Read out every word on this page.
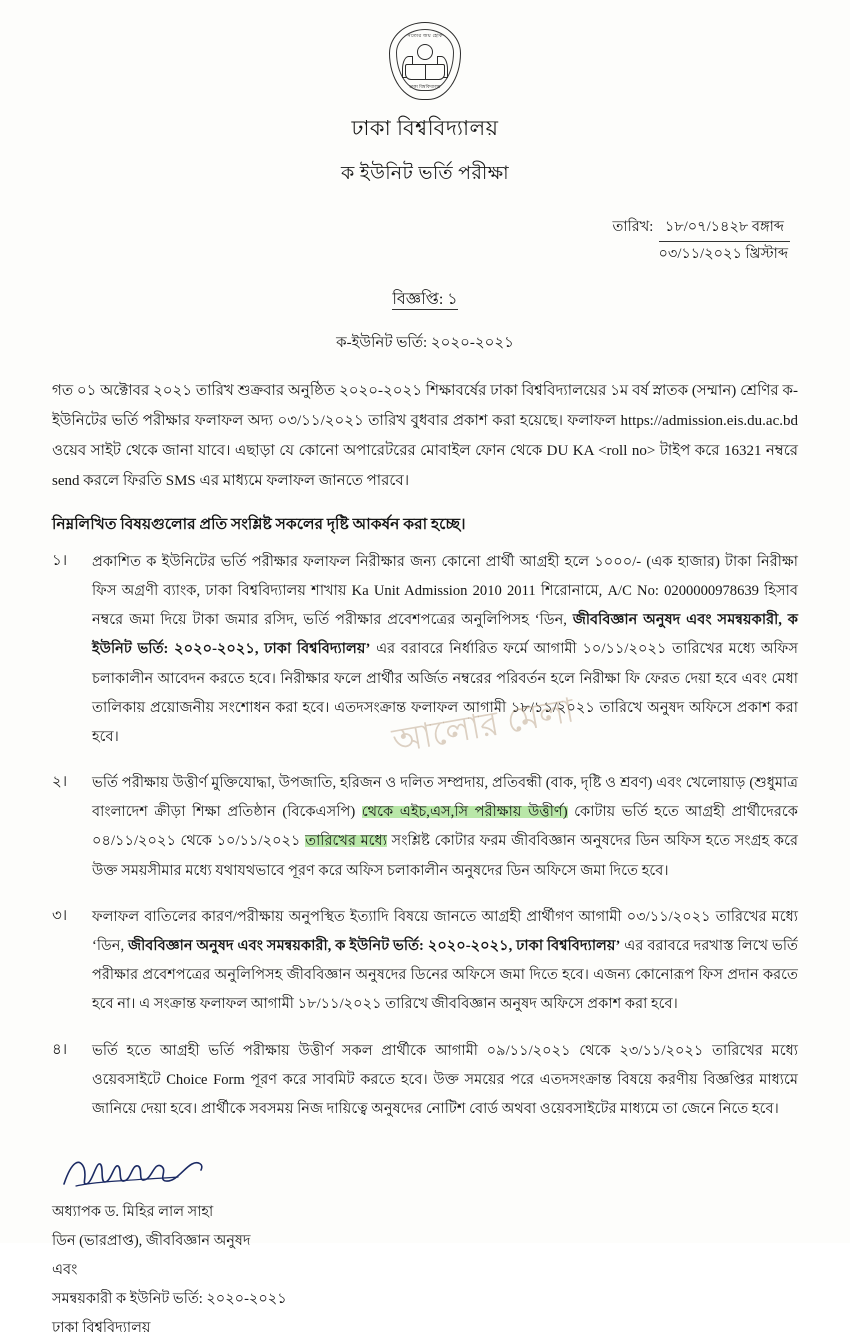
সত্যের জয় হোক
ঢাকা বিশ্ববিদ্যালয়
ঢাকা বিশ্ববিদ্যালয়
ক ইউনিট ভর্তি পরীক্ষা
তারিখ: ১৮/০৭/১৪২৮ বঙ্গাব্দ
০৩/১১/২০২১ খ্রিস্টাব্দ
বিজ্ঞপ্তি: ১
ক-ইউনিট ভর্তি: ২০২০-২০২১
গত ০১ অক্টোবর ২০২১ তারিখ শুক্রবার অনুষ্ঠিত ২০২০-২০২১ শিক্ষাবর্ষের ঢাকা বিশ্ববিদ্যালয়ের ১ম বর্ষ স্নাতক (সম্মান) শ্রেণির ক-ইউনিটের ভর্তি পরীক্ষার ফলাফল অদ্য ০৩/১১/২০২১ তারিখ বুধবার প্রকাশ করা হয়েছে। ফলাফল https://admission.eis.du.ac.bd ওয়েব সাইট থেকে জানা যাবে। এছাড়া যে কোনো অপারেটরের মোবাইল ফোন থেকে DU KA <roll no> টাইপ করে 16321 নম্বরে send করলে ফিরতি SMS এর মাধ্যমে ফলাফল জানতে পারবে।
নিম্নলিখিত বিষয়গুলোর প্রতি সংশ্লিষ্ট সকলের দৃষ্টি আকর্ষন করা হচ্ছে।
১।	প্রকাশিত ক ইউনিটের ভর্তি পরীক্ষার ফলাফল নিরীক্ষার জন্য কোনো প্রার্থী আগ্রহী হলে ১০০০/- (এক হাজার) টাকা নিরীক্ষা ফিস অগ্রণী ব্যাংক, ঢাকা বিশ্ববিদ্যালয় শাখায় Ka Unit Admission 2010 2011 শিরোনামে, A/C No: 0200000978639 হিসাব নম্বরে জমা দিয়ে টাকা জমার রসিদ, ভর্তি পরীক্ষার প্রবেশপত্রের অনুলিপিসহ ‘ডিন, জীববিজ্ঞান অনুষদ এবং সমন্বয়কারী, ক ইউনিট ভর্তি: ২০২০-২০২১, ঢাকা বিশ্ববিদ্যালয়’ এর বরাবরে নির্ধারিত ফর্মে আগামী ১০/১১/২০২১ তারিখের মধ্যে অফিস চলাকালীন আবেদন করতে হবে। নিরীক্ষার ফলে প্রার্থীর অর্জিত নম্বরের পরিবর্তন হলে নিরীক্ষা ফি ফেরত দেয়া হবে এবং মেধা তালিকায় প্রয়োজনীয় সংশোধন করা হবে। এতদসংক্রান্ত ফলাফল আগামী ১৮/১১/২০২১ তারিখে অনুষদ অফিসে প্রকাশ করা হবে।
২।	ভর্তি পরীক্ষায় উত্তীর্ণ মুক্তিযোদ্ধা, উপজাতি, হরিজন ও দলিত সম্প্রদায়, প্রতিবন্ধী (বাক, দৃষ্টি ও শ্রবণ) এবং খেলোয়াড় (শুধুমাত্র বাংলাদেশ ক্রীড়া শিক্ষা প্রতিষ্ঠান (বিকেএসপি) থেকে এইচ,এস,সি পরীক্ষায় উত্তীর্ণ) কোটায় ভর্তি হতে আগ্রহী প্রার্থীদেরকে ০৪/১১/২০২১ থেকে ১০/১১/২০২১ তারিখের মধ্যে সংশ্লিষ্ট কোটার ফরম জীববিজ্ঞান অনুষদের ডিন অফিস হতে সংগ্রহ করে উক্ত সময়সীমার মধ্যে যথাযথভাবে পূরণ করে অফিস চলাকালীন অনুষদের ডিন অফিসে জমা দিতে হবে।
৩।	ফলাফল বাতিলের কারণ/পরীক্ষায় অনুপস্থিত ইত্যাদি বিষয়ে জানতে আগ্রহী প্রার্থীগণ আগামী ০৩/১১/২০২১ তারিখের মধ্যে ‘ডিন, জীববিজ্ঞান অনুষদ এবং সমন্বয়কারী, ক ইউনিট ভর্তি: ২০২০-২০২১, ঢাকা বিশ্ববিদ্যালয়’ এর বরাবরে দরখাস্ত লিখে ভর্তি পরীক্ষার প্রবেশপত্রের অনুলিপিসহ জীববিজ্ঞান অনুষদের ডিনের অফিসে জমা দিতে হবে। এজন্য কোনোরূপ ফিস প্রদান করতে হবে না। এ সংক্রান্ত ফলাফল আগামী ১৮/১১/২০২১ তারিখে জীববিজ্ঞান অনুষদ অফিসে প্রকাশ করা হবে।
৪।	ভর্তি হতে আগ্রহী ভর্তি পরীক্ষায় উত্তীর্ণ সকল প্রার্থীকে আগামী ০৯/১১/২০২১ থেকে ২৩/১১/২০২১ তারিখের মধ্যে ওয়েবসাইটে Choice Form পূরণ করে সাবমিট করতে হবে। উক্ত সময়ের পরে এতদসংক্রান্ত বিষয়ে করণীয় বিজ্ঞপ্তির মাধ্যমে জানিয়ে দেয়া হবে। প্রার্থীকে সবসময় নিজ দায়িত্বে অনুষদের নোটিশ বোর্ড অথবা ওয়েবসাইটের মাধ্যমে তা জেনে নিতে হবে।
অধ্যাপক ড. মিহির লাল সাহা
ডিন (ভারপ্রাপ্ত), জীববিজ্ঞান অনুষদ
এবং
সমন্বয়কারী ক ইউনিট ভর্তি: ২০২০-২০২১
ঢাকা বিশ্ববিদ্যালয়
আলোর মেলা
